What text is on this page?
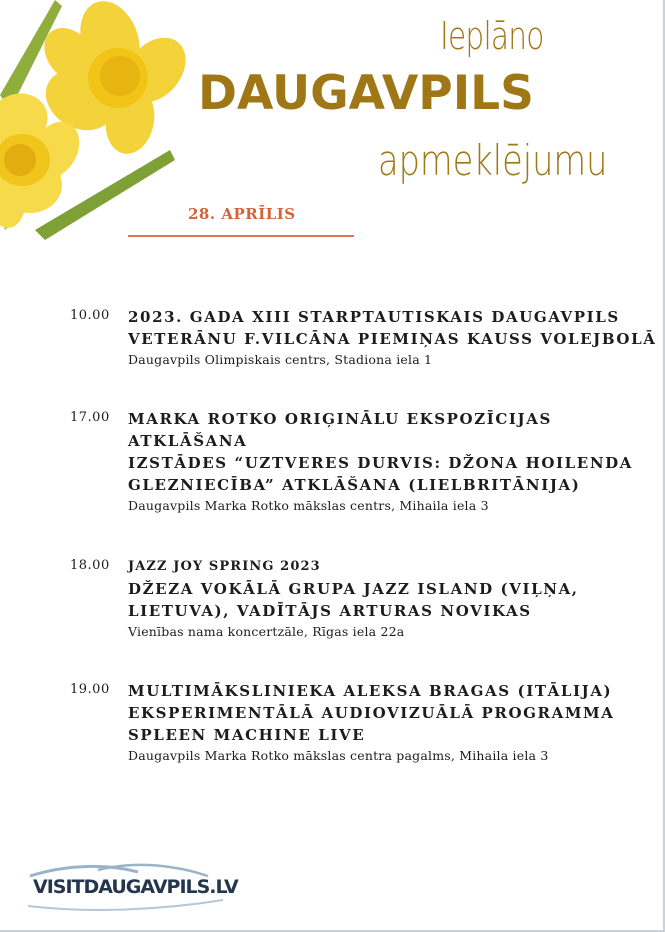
Ieplāno
DAUGAVPILS
apmeklējumu
28. APRĪLIS
10.00 2023. GADA XIII STARPTAUTISKAIS DAUGAVPILS
VETERĀNU F.VILCĀNA PIEMIŅAS KAUSS VOLEJBOLĀ
Daugavpils Olimpiskais centrs, Stadiona iela 1
17.00 MARKA ROTKO ORIĢINĀLU EKSPOZĪCIJAS
ATKLĀŠANA
IZSTĀDES “UZTVERES DURVIS: DŽONA HOILENDA
GLEZNIECĪBA” ATKLĀŠANA (LIELBRITĀNIJA)
Daugavpils Marka Rotko mākslas centrs, Mihaila iela 3
18.00 JAZZ JOY SPRING 2023
DŽEZA VOKĀLĀ GRUPA JAZZ ISLAND (VIĻŅA,
LIETUVA), VADĪTĀJS ARTURAS NOVIKAS
Vienības nama koncertzāle, Rīgas iela 22a
19.00 MULTIMĀKSLINIEKA ALEKSA BRAGAS (ITĀLIJA)
EKSPERIMENTĀLĀ AUDIOVIZUĀLĀ PROGRAMMA
SPLEEN MACHINE LIVE
Daugavpils Marka Rotko mākslas centra pagalms, Mihaila iela 3
VISITDAUGAVPILS.LV
